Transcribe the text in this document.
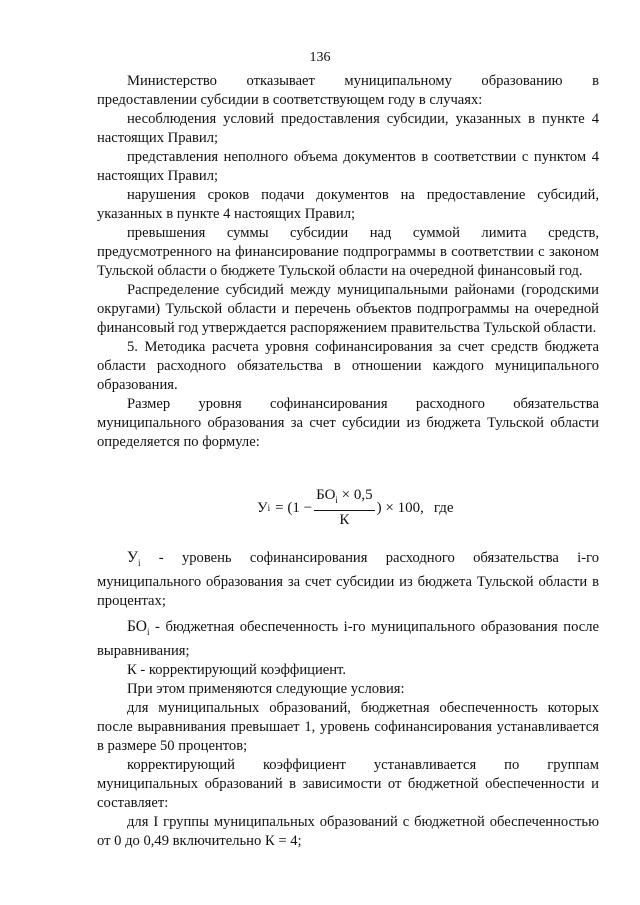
136

Министерство отказывает муниципальному образованию в предоставлении субсидии в соответствующем году в случаях:

несоблюдения условий предоставления субсидии, указанных в пункте 4 настоящих Правил;

представления неполного объема документов в соответствии с пунктом 4 настоящих Правил;

нарушения сроков подачи документов на предоставление субсидий, указанных в пункте 4 настоящих Правил;

превышения суммы субсидии над суммой лимита средств, предусмотренного на финансирование подпрограммы в соответствии с законом Тульской области о бюджете Тульской области на очередной финансовый год.

Распределение субсидий между муниципальными районами (городскими округами) Тульской области и перечень объектов подпрограммы на очередной финансовый год утверждается распоряжением правительства Тульской области.

5. Методика расчета уровня софинансирования за счет средств бюджета области расходного обязательства в отношении каждого муниципального образования.

Размер уровня софинансирования расходного обязательства муниципального образования за счет субсидии из бюджета Тульской области определяется по формуле:

У $i = (1 - \frac{БО_i \times 0,5}{К}$ ) × 100, где

$У_i$ - уровень софинансирования расходного обязательства i-го муниципального образования за счет субсидии из бюджета Тульской области в процентах;

$БО_i$ - бюджетная обеспеченность i-го муниципального образования после выравнивания;

К - корректирующий коэффициент.

При этом применяются следующие условия:

для муниципальных образований, бюджетная обеспеченность которых после выравнивания превышает 1, уровень софинансирования устанавливается в размере 50 процентов;

корректирующий коэффициент устанавливается по группам муниципальных образований в зависимости от бюджетной обеспеченности и составляет:

для I группы муниципальных образований с бюджетной обеспеченностью от 0 до 0,49 включительно К = 4;
